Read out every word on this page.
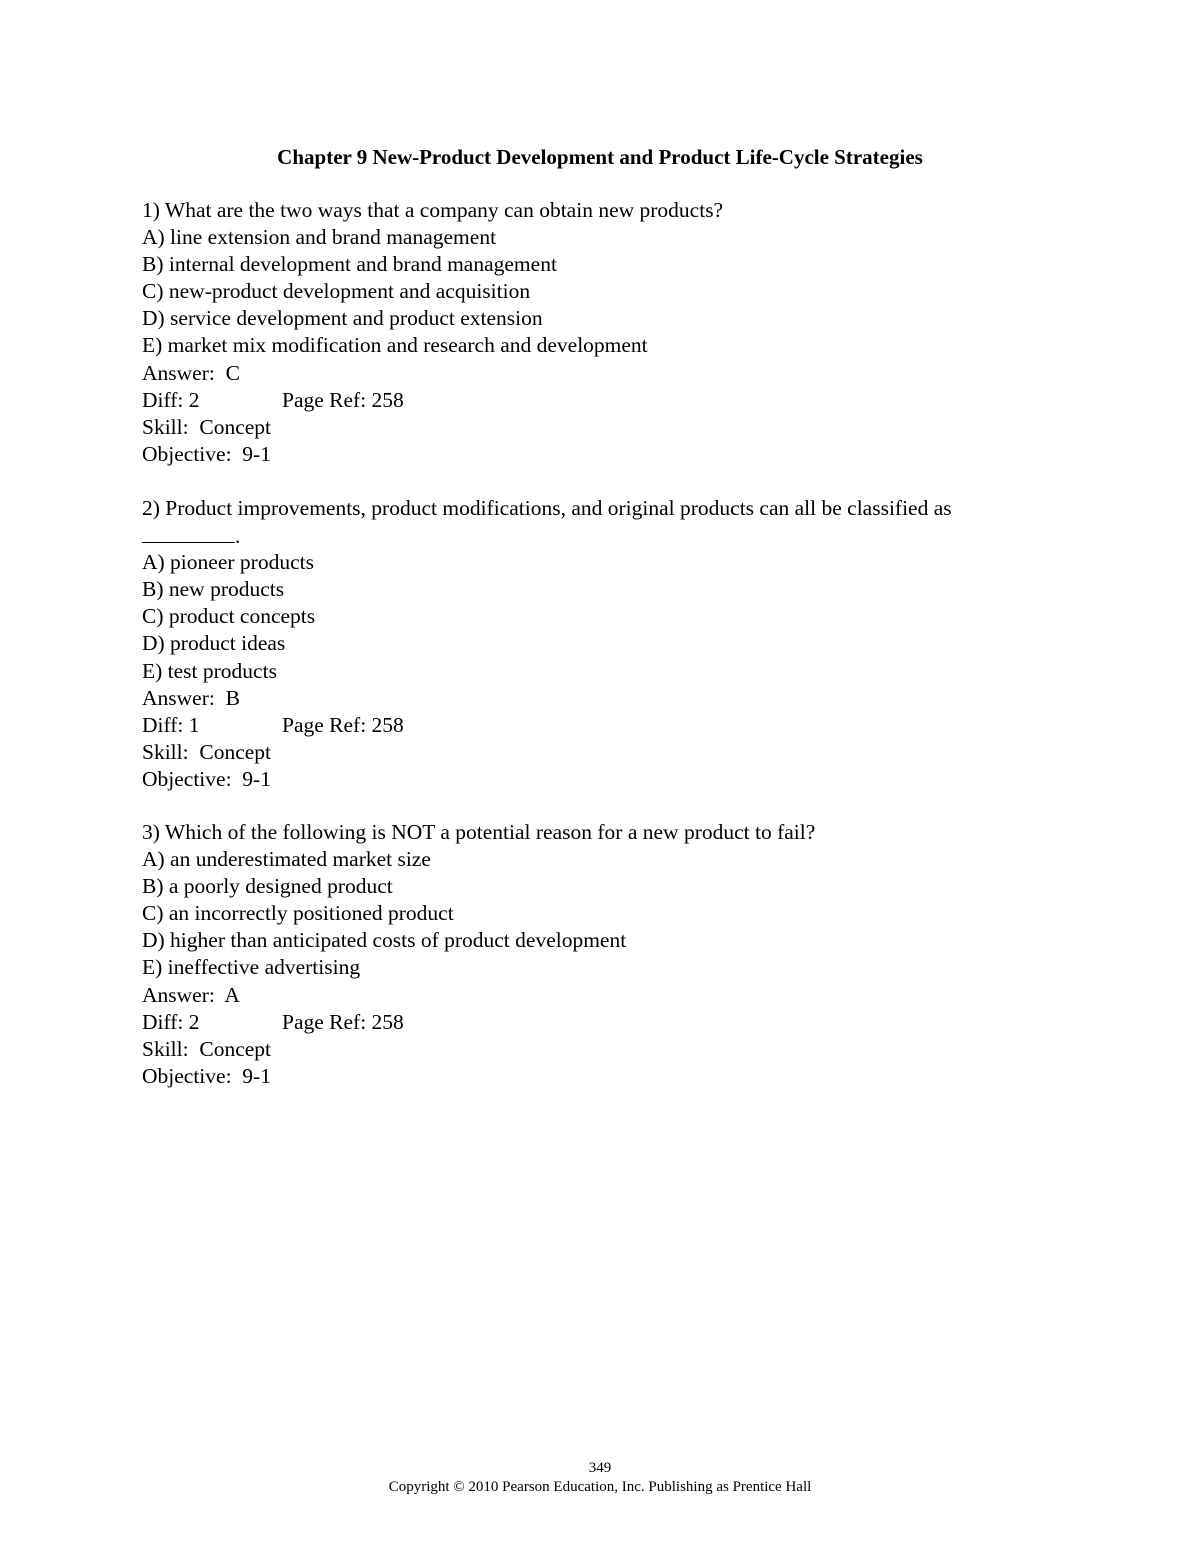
Chapter 9 New-Product Development and Product Life-Cycle Strategies
1) What are the two ways that a company can obtain new products?
A) line extension and brand management
B) internal development and brand management
C) new-product development and acquisition
D) service development and product extension
E) market mix modification and research and development
Answer:  C
Diff: 2	Page Ref: 258
Skill:  Concept
Objective:  9-1
2) Product improvements, product modifications, and original products can all be classified as
.
A) pioneer products
B) new products
C) product concepts
D) product ideas
E) test products
Answer:  B
Diff: 1	Page Ref: 258
Skill:  Concept
Objective:  9-1
3) Which of the following is NOT a potential reason for a new product to fail?
A) an underestimated market size
B) a poorly designed product
C) an incorrectly positioned product
D) higher than anticipated costs of product development
E) ineffective advertising
Answer:  A
Diff: 2	Page Ref: 258
Skill:  Concept
Objective:  9-1
349
Copyright © 2010 Pearson Education, Inc. Publishing as Prentice Hall
